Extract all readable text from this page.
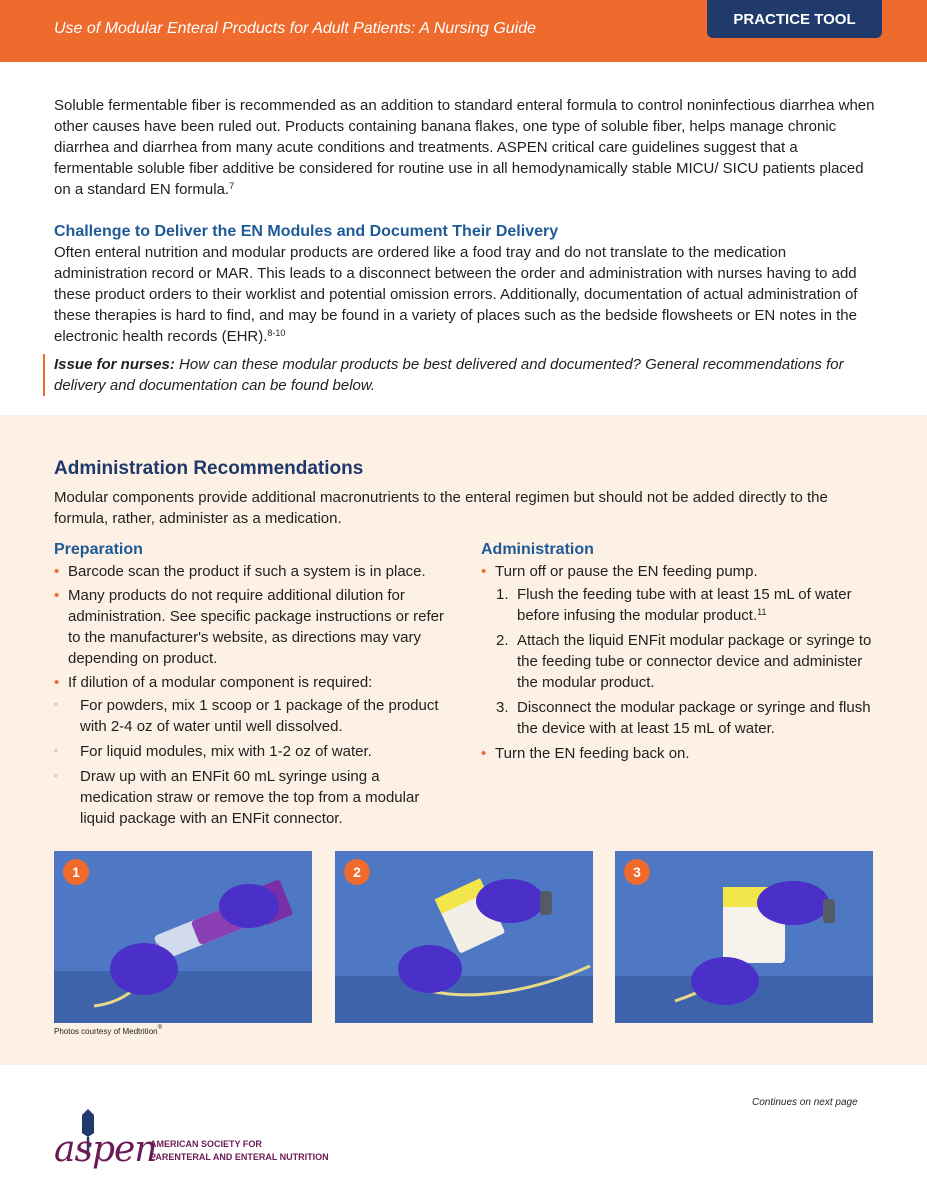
Use of Modular Enteral Products for Adult Patients: A Nursing Guide
PRACTICE TOOL

Soluble fermentable fiber is recommended as an addition to standard enteral formula to control noninfectious diarrhea when other causes have been ruled out. Products containing banana flakes, one type of soluble fiber, helps manage chronic diarrhea and diarrhea from many acute conditions and treatments. ASPEN critical care guidelines suggest that a fermentable soluble fiber additive be considered for routine use in all hemodynamically stable MICU/ SICU patients placed on a standard EN formula.$^7$

Challenge to Deliver the EN Modules and Document Their Delivery

Often enteral nutrition and modular products are ordered like a food tray and do not translate to the medication administration record or MAR. This leads to a disconnect between the order and administration with nurses having to add these product orders to their worklist and potential omission errors. Additionally, documentation of actual administration of these therapies is hard to find, and may be found in a variety of places such as the bedside flowsheets or EN notes in the electronic health records (EHR).$^{8-10}$

Issue for nurses: How can these modular products be best delivered and documented? General recommendations for delivery and documentation can be found below.
Administration Recommendations

Modular components provide additional macronutrients to the enteral regimen but should not be added directly to the formula, rather, administer as a medication.

Preparation
• Barcode scan the product if such a system is in place.
• Many products do not require additional dilution for administration. See specific package instructions or refer to the manufacturer's website, as directions may vary depending on product.
• If dilution of a modular component is required:
◦ For powders, mix 1 scoop or 1 package of the product with 2-4 oz of water until well dissolved.
◦ For liquid modules, mix with 1-2 oz of water.
◦ Draw up with an ENFit 60 mL syringe using a medication straw or remove the top from a modular liquid package with an ENFit connector.
Administration
• Turn off or pause the EN feeding pump.
1. Flush the feeding tube with at least 15 mL of water before infusing the modular product.$^{11}$
2. Attach the liquid ENFit modular package or syringe to the feeding tube or connector device and administer the modular product.
3. Disconnect the modular package or syringe and flush the device with at least 15 mL of water.
• Turn the EN feeding back on.
1	2	3
Photos courtesy of Medtrition®
Continues on next page
aspen
AMERICAN SOCIETY FOR
PARENTERAL AND ENTERAL NUTRITION
